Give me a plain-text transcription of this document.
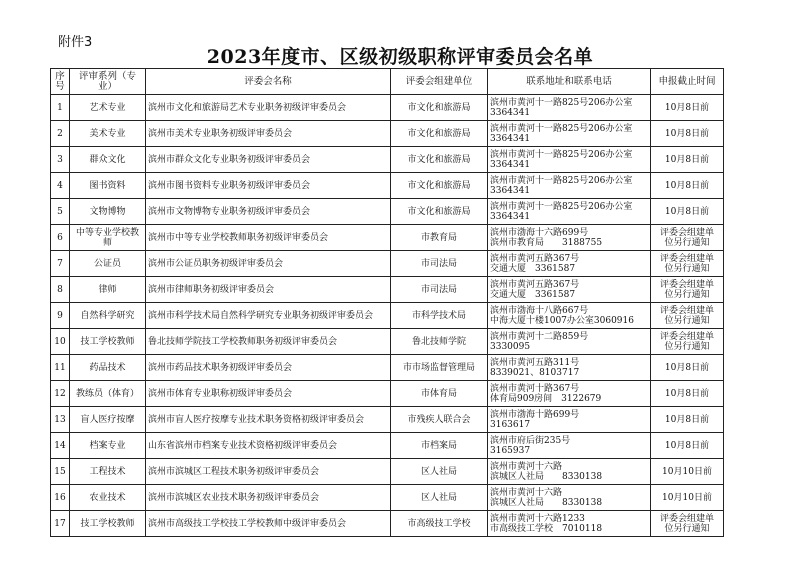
附件3
2023年度市、区级初级职称评审委员会名单
序号	评审系列（专业）	评委会名称	评委会组建单位	联系地址和联系电话	申报截止时间
1	艺术专业	滨州市文化和旅游局艺术专业职务初级评审委员会	市文化和旅游局	滨州市黄河十一路825号206办公室
3364341	10月8日前

2	美术专业	滨州市美术专业职务初级评审委员会	市文化和旅游局	滨州市黄河十一路825号206办公室
3364341	10月8日前

3	群众文化	滨州市群众文化专业职务初级评审委员会	市文化和旅游局	滨州市黄河十一路825号206办公室
3364341	10月8日前

4	图书资料	滨州市图书资料专业职务初级评审委员会	市文化和旅游局	滨州市黄河十一路825号206办公室
3364341	10月8日前

5	文物博物	滨州市文物博物专业职务初级评审委员会	市文化和旅游局	滨州市黄河十一路825号206办公室
3364341	10月8日前

6	中等专业学校教师	滨州市中等专业学校教师职务初级评审委员会	市教育局	滨州市渤海十六路699号
滨州市教育局　　3188755	评委会组建单
位另行通知

7	公证员	滨州市公证员职务初级评审委员会	市司法局	滨州市黄河五路367号
交通大厦　3361587	评委会组建单
位另行通知

8	律师	滨州市律师职务初级评审委员会	市司法局	滨州市黄河五路367号
交通大厦　3361587	评委会组建单
位另行通知

9	自然科学研究	滨州市科学技术局自然科学研究专业职务初级评审委员会	市科学技术局	滨州市渤海十八路667号
中海大厦十楼1007办公室3060916	评委会组建单
位另行通知

10	技工学校教师	鲁北技师学院技工学校教师职务初级评审委员会	鲁北技师学院	滨州市黄河十二路859号
3330095	评委会组建单
位另行通知

11	药品技术	滨州市药品技术职务初级评审委员会	市市场监督管理局	滨州市黄河五路311号
8339021、8103717	10月8日前

12	教练员（体育）	滨州市体育专业职称初级评审委员会	市体育局	滨州市黄河十路367号
体育局909房间　3122679	10月8日前

13	盲人医疗按摩	滨州市盲人医疗按摩专业技术职务资格初级评审委员会	市残疾人联合会	滨州市渤海十路699号
3163617	10月8日前

14	档案专业	山东省滨州市档案专业技术资格初级评审委员会	市档案局	滨州市府后街235号
3165937	10月8日前

15	工程技术	滨州市滨城区工程技术职务初级评审委员会	区人社局	滨州市黄河十六路
滨城区人社局　　8330138	10月10日前

16	农业技术	滨州市滨城区农业技术职务初级评审委员会	区人社局	滨州市黄河十六路
滨城区人社局　　8330138	10月10日前

17	技工学校教师	滨州市高级技工学校技工学校教师中级评审委员会	市高级技工学校	滨州市黄河十六路1233
市高级技工学校　7010118	评委会组建单
位另行通知
